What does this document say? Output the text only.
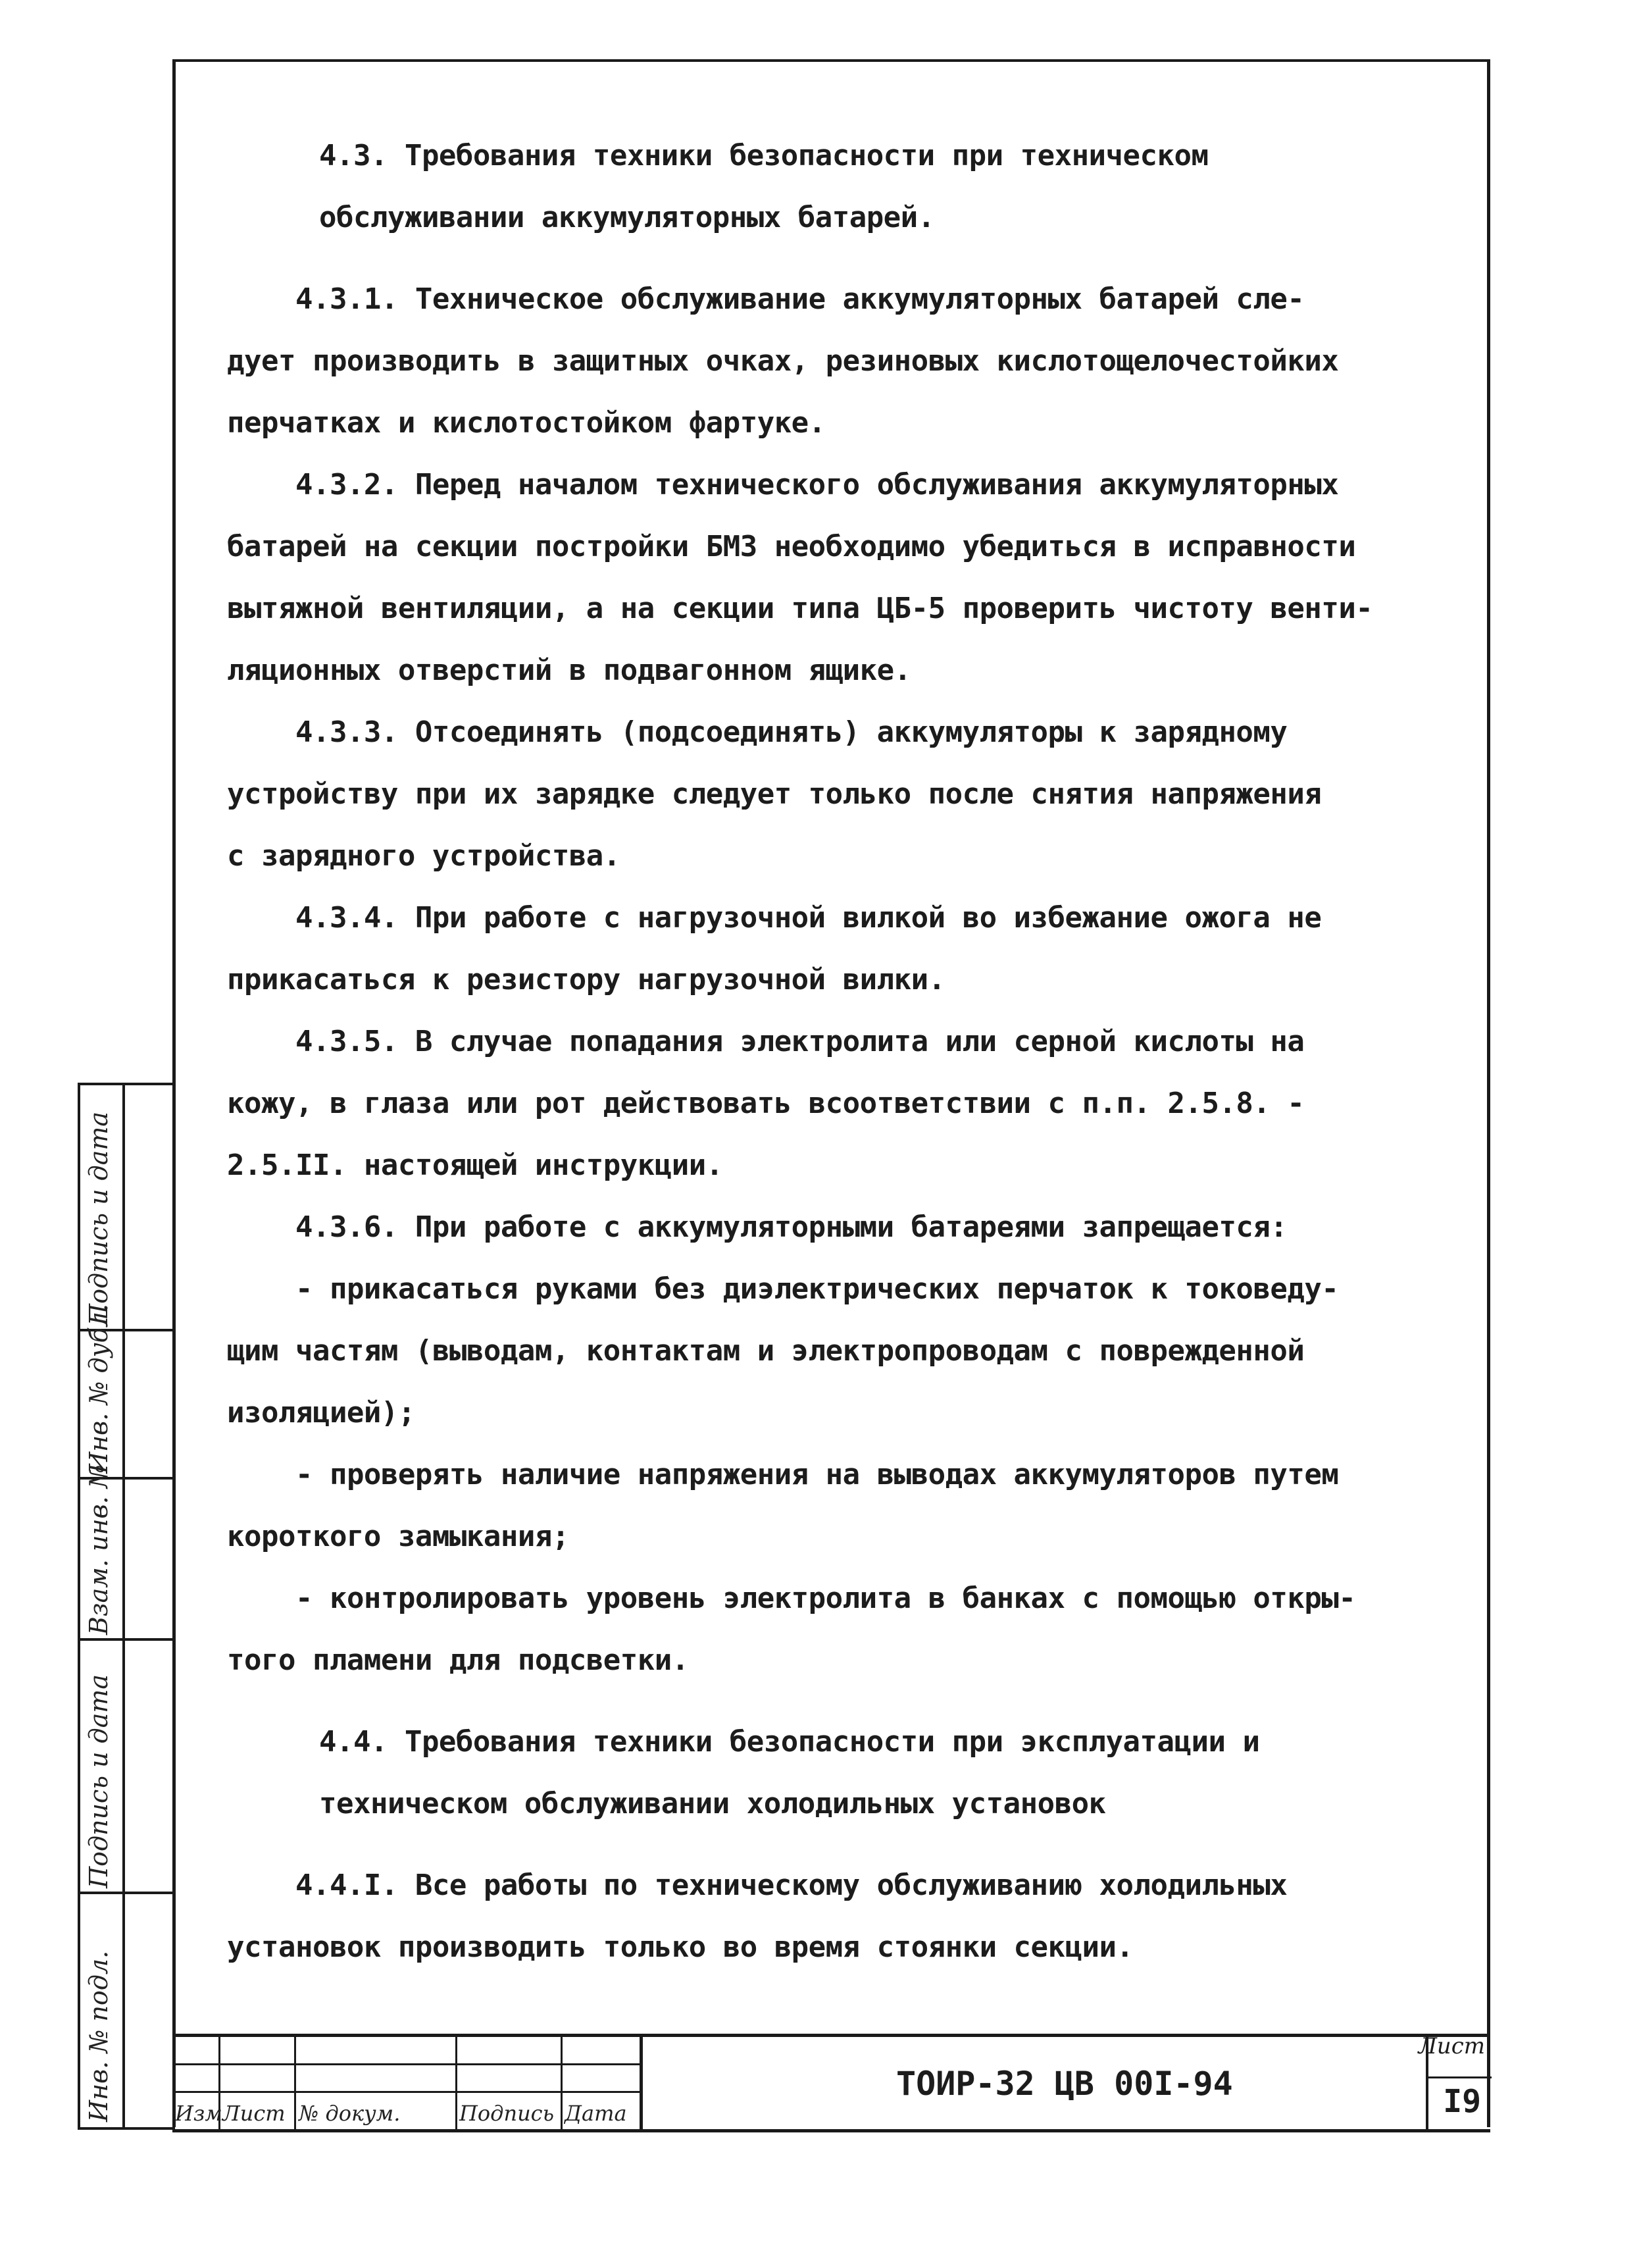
4.3. Требования техники безопасности при техническом

обслуживании аккумуляторных батарей.

4.3.1. Техническое обслуживание аккумуляторных батарей сле-

дует производить в защитных очках, резиновых кислотощелочестойких

перчатках и кислотостойком фартуке.

4.3.2. Перед началом технического обслуживания аккумуляторных

батарей на секции постройки БМЗ необходимо убедиться в исправности

вытяжной вентиляции, а на секции типа ЦБ-5 проверить чистоту венти-

ляционных отверстий в подвагонном ящике.

4.3.3. Отсоединять (подсоединять) аккумуляторы к зарядному

устройству при их зарядке следует только после снятия напряжения

с зарядного устройства.

4.3.4. При работе с нагрузочной вилкой во избежание ожога не

прикасаться к резистору нагрузочной вилки.

4.3.5. В случае попадания электролита или серной кислоты на

кожу, в глаза или рот действовать всоответствии с п.п. 2.5.8. -

2.5.II. настоящей инструкции.

4.3.6. При работе с аккумуляторными батареями запрещается:

- прикасаться руками без диэлектрических перчаток к токоведу-

щим частям (выводам, контактам и электропроводам с поврежденной

изоляцией);

- проверять наличие напряжения на выводах аккумуляторов путем

короткого замыкания;

- контролировать уровень электролита в банках с помощью откры-

того пламени для подсветки.

4.4. Требования техники безопасности при эксплуатации и

техническом обслуживании холодильных установок

4.4.I. Все работы по техническому обслуживанию холодильных

установок производить только во время стоянки секции.

Изм Лист № докум.	Подпись Дата
ТОИР-32 ЦВ 00I-94
Лист
I9
Инв. № подл.
Подпись и дата
Взам. инв. №
Инв. № дубл.
Подпись и дата
